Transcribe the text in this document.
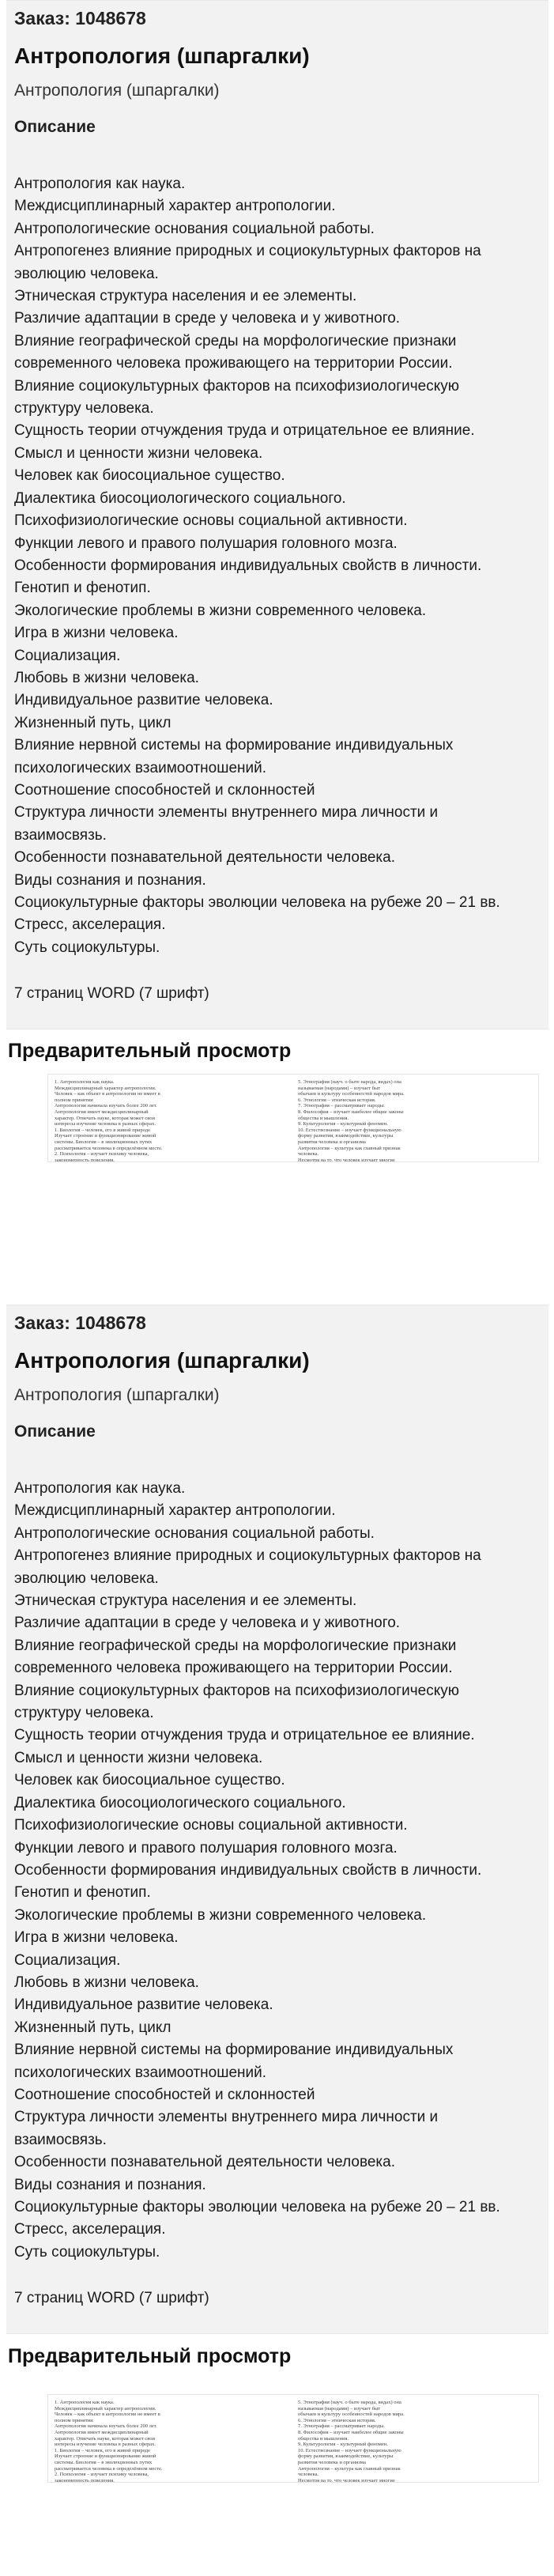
Заказ: 1048678
Антропология (шпаргалки)
Антропология (шпаргалки)
Описание
Антропология как наука.
Междисциплинарный характер антропологии.
Антропологические основания социальной работы.
Антропогенез влияние природных и социокультурных факторов на
эволюцию человека.
Этническая структура населения и ее элементы.
Различие адаптации в среде у человека и у животного.
Влияние географической среды на морфологические признаки
современного человека проживающего на территории России.
Влияние социокультурных факторов на психофизиологическую
структуру человека.
Сущность теории отчуждения труда и отрицательное ее влияние.
Смысл и ценности жизни человека.
Человек как биосоциальное существо.
Диалектика биосоциологического социального.
Психофизиологические основы социальной активности.
Функции левого и правого полушария головного мозга.
Особенности формирования индивидуальных свойств в личности.
Генотип и фенотип.
Экологические проблемы в жизни современного человека.
Игра в жизни человека.
Социализация.
Любовь в жизни человека.
Индивидуальное развитие человека.
Жизненный путь, цикл
Влияние нервной системы на формирование индивидуальных
психологических взаимоотношений.
Соотношение способностей и склонностей
Структура личности элементы внутреннего мира личности и
взаимосвязь.
Особенности познавательной деятельности человека.
Виды сознания и познания.
Социокультурные факторы эволюции человека на рубеже 20 – 21 вв.
Стресс, акселерация.
Суть социокультуры.
7 страниц WORD (7 шрифт)
Предварительный просмотр
1. Антропология как наука.
Междисциплинарный характер антропологии.
Человек – как объект в антропологии не имеет в
полном принятии
Антропология начинала изучать более 200 лет.
Антропология имеет междисциплинарный
характер. Отвечать науке, которая может свои
интересы изучение человека в разных сферах.
1. Биология – человек, его в живой природе
Изучает строение и функционирование живой
системы. Биология – в эволюционных путях
рассматривается человека в определённом месте.
2. Психология – изучает психику человека,
закономерность поведения.
5. Этнография (науч. о быте народа, видах) она
называемая (народами) – изучает быт
обычаев и культуру особенностей народов мира.
6. Этнология – этническая история.
7. Этнография – рассматривает народы.
8. Философия – изучает наиболее общие законы
общества и мышления.
9. Культурология – культурный феномен.
10. Естествознание – изучает функциональную
форму развития, взаимодействие, культуры
развития человека и организма
Антропология – культура как главный признак
человека.
Несмотря на то, что человек изучает многие
Заказ: 1048678
Антропология (шпаргалки)
Антропология (шпаргалки)
Описание
Антропология как наука.
Междисциплинарный характер антропологии.
Антропологические основания социальной работы.
Антропогенез влияние природных и социокультурных факторов на
эволюцию человека.
Этническая структура населения и ее элементы.
Различие адаптации в среде у человека и у животного.
Влияние географической среды на морфологические признаки
современного человека проживающего на территории России.
Влияние социокультурных факторов на психофизиологическую
структуру человека.
Сущность теории отчуждения труда и отрицательное ее влияние.
Смысл и ценности жизни человека.
Человек как биосоциальное существо.
Диалектика биосоциологического социального.
Психофизиологические основы социальной активности.
Функции левого и правого полушария головного мозга.
Особенности формирования индивидуальных свойств в личности.
Генотип и фенотип.
Экологические проблемы в жизни современного человека.
Игра в жизни человека.
Социализация.
Любовь в жизни человека.
Индивидуальное развитие человека.
Жизненный путь, цикл
Влияние нервной системы на формирование индивидуальных
психологических взаимоотношений.
Соотношение способностей и склонностей
Структура личности элементы внутреннего мира личности и
взаимосвязь.
Особенности познавательной деятельности человека.
Виды сознания и познания.
Социокультурные факторы эволюции человека на рубеже 20 – 21 вв.
Стресс, акселерация.
Суть социокультуры.
7 страниц WORD (7 шрифт)
Предварительный просмотр
1. Антропология как наука.
Междисциплинарный характер антропологии.
Человек – как объект в антропологии не имеет в
полном принятии
Антропология начинала изучать более 200 лет.
Антропология имеет междисциплинарный
характер. Отвечать науке, которая может свои
интересы изучение человека в разных сферах.
1. Биология – человек, его в живой природе
Изучает строение и функционирование живой
системы. Биология – в эволюционных путях
рассматривается человека в определённом месте.
2. Психология – изучает психику человека,
закономерность поведения.
5. Этнография (науч. о быте народа, видах) она
называемая (народами) – изучает быт
обычаев и культуру особенностей народов мира.
6. Этнология – этническая история.
7. Этнография – рассматривает народы.
8. Философия – изучает наиболее общие законы
общества и мышления.
9. Культурология – культурный феномен.
10. Естествознание – изучает функциональную
форму развития, взаимодействие, культуры
развития человека и организма
Антропология – культура как главный признак
человека.
Несмотря на то, что человек изучает многие
